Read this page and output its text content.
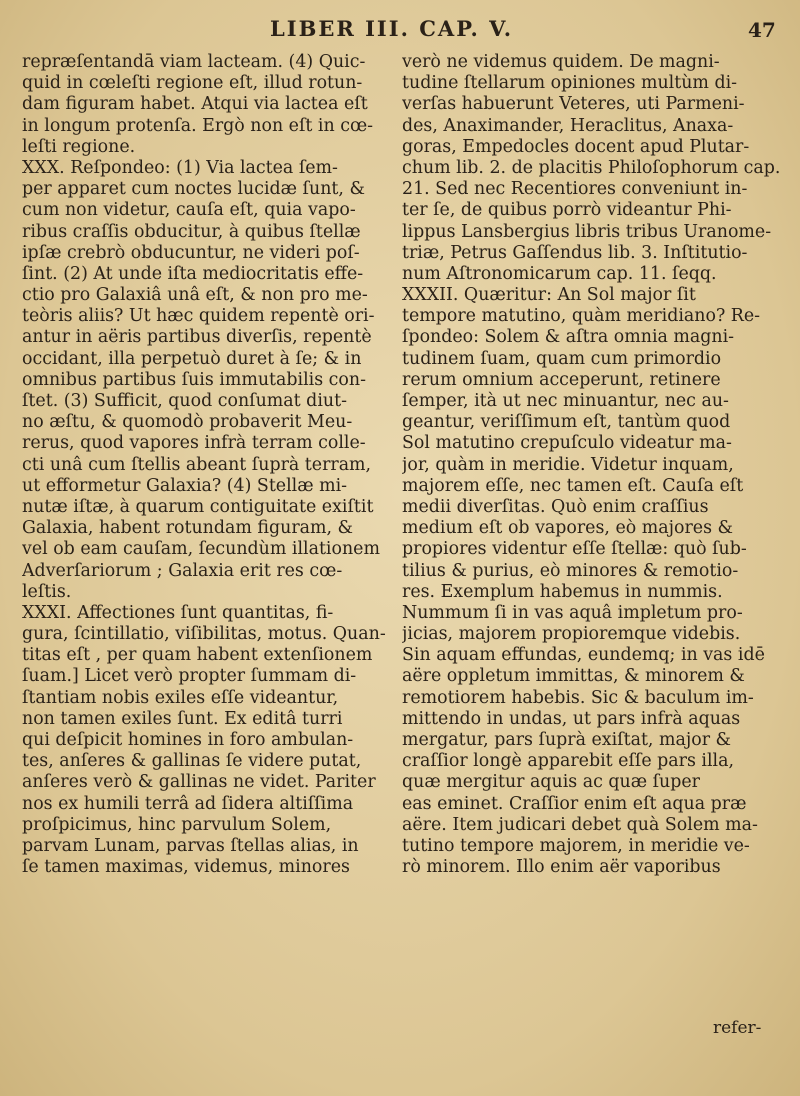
LIBER III. CAP. V.	47
repræſentandā viam lacteam. (4) Quic-
quid in cœleſti regione eſt, illud rotun-
dam figuram habet. Atqui via lactea eſt
in longum protenſa. Ergò non eſt in cœ-
leſti regione.
XXX. Reſpondeo: (1) Via lactea ſem-
per apparet cum noctes lucidæ ſunt, &
cum non videtur, cauſa eſt, quia vapo-
ribus craſſis obducitur, à quibus ſtellæ
ipſæ crebrò obducuntur, ne videri poſ-
ſint. (2) At unde iſta mediocritatis effe-
ctio pro Galaxiâ unâ eſt, & non pro me-
teòris aliis? Ut hæc quidem repentè ori-
antur in aëris partibus diverſis, repentè
occidant, illa perpetuò duret à ſe; & in
omnibus partibus ſuis immutabilis con-
ſtet. (3) Sufficit, quod conſumat diut-
no æſtu, & quomodò probaverit Meu-
rerus, quod vapores infrà terram colle-
cti unâ cum ſtellis abeant ſuprà terram,
ut efformetur Galaxia? (4) Stellæ mi-
nutæ iſtæ, à quarum contiguitate exiſtit
Galaxia, habent rotundam figuram, &
vel ob eam cauſam, ſecundùm illationem
Adverſariorum ; Galaxia erit res cœ-
leſtis.
XXXI. Affectiones ſunt quantitas, fi-
gura, ſcintillatio, viſibilitas, motus. Quan-
titas eſt , per quam habent extenſionem
ſuam.] Licet verò propter ſummam di-
ſtantiam nobis exiles eſſe videantur,
non tamen exiles ſunt. Ex editâ turri
qui deſpicit homines in foro ambulan-
tes, anſeres & gallinas ſe videre putat,
anſeres verò & gallinas ne videt. Pariter
nos ex humili terrâ ad ſidera altiſſima
proſpicimus, hinc parvulum Solem,
parvam Lunam, parvas ſtellas alias, in
ſe tamen maximas, videmus, minores
verò ne videmus quidem. De magni-
tudine ſtellarum opiniones multùm di-
verſas habuerunt Veteres, uti Parmeni-
des, Anaximander, Heraclitus, Anaxa-
goras, Empedocles docent apud Plutar-
chum lib. 2. de placitis Philoſophorum cap.
21. Sed nec Recentiores conveniunt in-
ter ſe, de quibus porrò videantur Phi-
lippus Lansbergius libris tribus Uranome-
triæ, Petrus Gaſſendus lib. 3. Inſtitutio-
num Aſtronomicarum cap. 11. ſeqq.
XXXII. Quæritur: An Sol major ſit
tempore matutino, quàm meridiano? Re-
ſpondeo: Solem & aſtra omnia magni-
tudinem ſuam, quam cum primordio
rerum omnium acceperunt, retinere
ſemper, ità ut nec minuantur, nec au-
geantur, veriſſimum eſt, tantùm quod
Sol matutino crepuſculo videatur ma-
jor, quàm in meridie. Videtur inquam,
majorem eſſe, nec tamen eſt. Cauſa eſt
medii diverſitas. Quò enim craſſius
medium eſt ob vapores, eò majores &
propiores videntur eſſe ſtellæ: quò ſub-
tilius & purius, eò minores & remotio-
res. Exemplum habemus in nummis.
Nummum ſi in vas aquâ impletum pro-
jicias, majorem propioremque videbis.
Sin aquam effundas, eundemq; in vas idē
aëre oppletum immittas, & minorem &
remotiorem habebis. Sic & baculum im-
mittendo in undas, ut pars infrà aquas
mergatur, pars ſuprà exiſtat, major &
craſſior longè apparebit eſſe pars illa,
quæ mergitur aquis ac quæ ſuper
eas eminet. Craſſior enim eſt aqua præ
aëre. Item judicari debet quà Solem ma-
tutino tempore majorem, in meridie ve-
rò minorem. Illo enim aër vaporibus
refer-
